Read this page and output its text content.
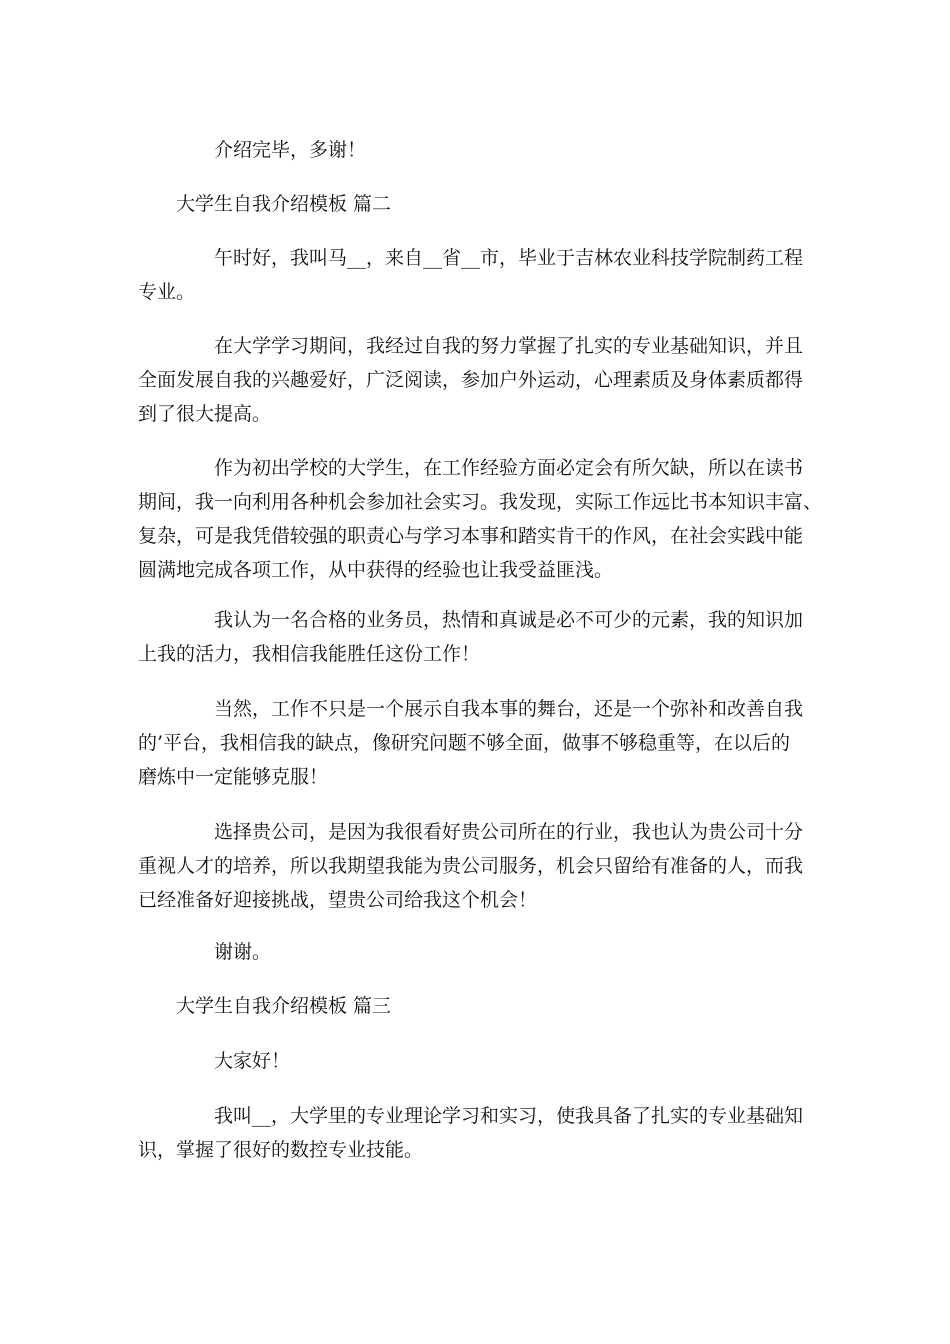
介绍完毕，多谢！
大学生自我介绍模板 篇二
午时好，我叫马__，来自__省__市，毕业于吉林农业科技学院制药工程
专业。
在大学学习期间，我经过自我的努力掌握了扎实的专业基础知识，并且
全面发展自我的兴趣爱好，广泛阅读，参加户外运动，心理素质及身体素质都得
到了很大提高。
作为初出学校的大学生，在工作经验方面必定会有所欠缺，所以在读书
期间，我一向利用各种机会参加社会实习。我发现，实际工作远比书本知识丰富、
复杂，可是我凭借较强的职责心与学习本事和踏实肯干的作风，在社会实践中能
圆满地完成各项工作，从中获得的经验也让我受益匪浅。
我认为一名合格的业务员，热情和真诚是必不可少的元素，我的知识加
上我的活力，我相信我能胜任这份工作！
当然，工作不只是一个展示自我本事的舞台，还是一个弥补和改善自我
的’平台，我相信我的缺点，像研究问题不够全面，做事不够稳重等，在以后的
磨炼中一定能够克服！
选择贵公司，是因为我很看好贵公司所在的行业，我也认为贵公司十分
重视人才的培养，所以我期望我能为贵公司服务，机会只留给有准备的人，而我
已经准备好迎接挑战，望贵公司给我这个机会！
谢谢。
大学生自我介绍模板 篇三
大家好！
我叫__，大学里的专业理论学习和实习，使我具备了扎实的专业基础知
识，掌握了很好的数控专业技能。
